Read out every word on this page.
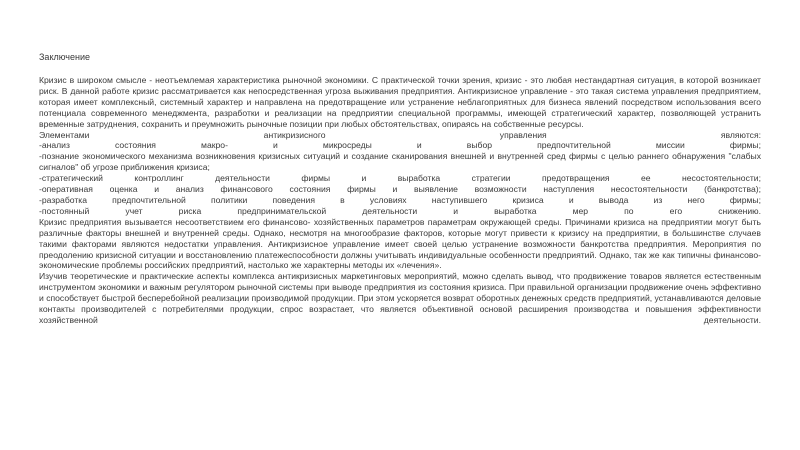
Заключение

Кризис в широком смысле - неотъемлемая характеристика рыночной экономики. С практической точки зрения, кризис - это любая нестандартная ситуация, в которой возникает риск. В данной работе кризис рассматривается как непосредственная угроза выживания предприятия. Антикризисное управление - это такая система управления предприятием, которая имеет комплексный, системный характер и направлена на предотвращение или устранение неблагоприятных для бизнеса явлений посредством использования всего потенциала современного менеджмента, разработки и реализации на предприятии специальной программы, имеющей стратегический характер, позволяющей устранить временные затруднения, сохранить и преумножить рыночные позиции при любых обстоятельствах, опираясь на собственные ресурсы.

Элементами антикризисного управления являются:

-анализ состояния макро- и микросреды и выбор предпочтительной миссии фирмы;

-познание экономического механизма возникновения кризисных ситуаций и создание сканирования внешней и внутренней сред фирмы с целью раннего обнаружения "слабых сигналов" об угрозе приближения кризиса;

-стратегический контроллинг деятельности фирмы и выработка стратегии предотвращения ее несостоятельности;

-оперативная оценка и анализ финансового состояния фирмы и выявление возможности наступления несостоятельности (банкротства);

-разработка предпочтительной политики поведения в условиях наступившего кризиса и вывода из него фирмы;

-постоянный учет риска предпринимательской деятельности и выработка мер по его снижению.

Кризис предприятия вызывается несоответствием его финансово- хозяйственных параметров параметрам окружающей среды. Причинами кризиса на предприятии могут быть различные факторы внешней и внутренней среды. Однако, несмотря на многообразие факторов, которые могут привести к кризису на предприятии, в большинстве случаев такими факторами являются недостатки управления. Антикризисное управление имеет своей целью устранение возможности банкротства предприятия. Мероприятия по преодолению кризисной ситуации и восстановлению платежеспособности должны учитывать индивидуальные особенности предприятий. Однако, так же как типичны финансово-экономические проблемы российских предприятий, настолько же характерны методы их «лечения».

Изучив теоретические и практические аспекты комплекса антикризисных маркетинговых мероприятий, можно сделать вывод, что продвижение товаров является естественным инструментом экономики и важным регулятором рыночной системы при выводе предприятия из состояния кризиса. При правильной организации продвижение очень эффективно и способствует быстрой бесперебойной реализации производимой продукции. При этом ускоряется возврат оборотных денежных средств предприятий, устанавливаются деловые контакты производителей с потребителями продукции, спрос возрастает, что является объективной основой расширения производства и повышения эффективности хозяйственной деятельности.
